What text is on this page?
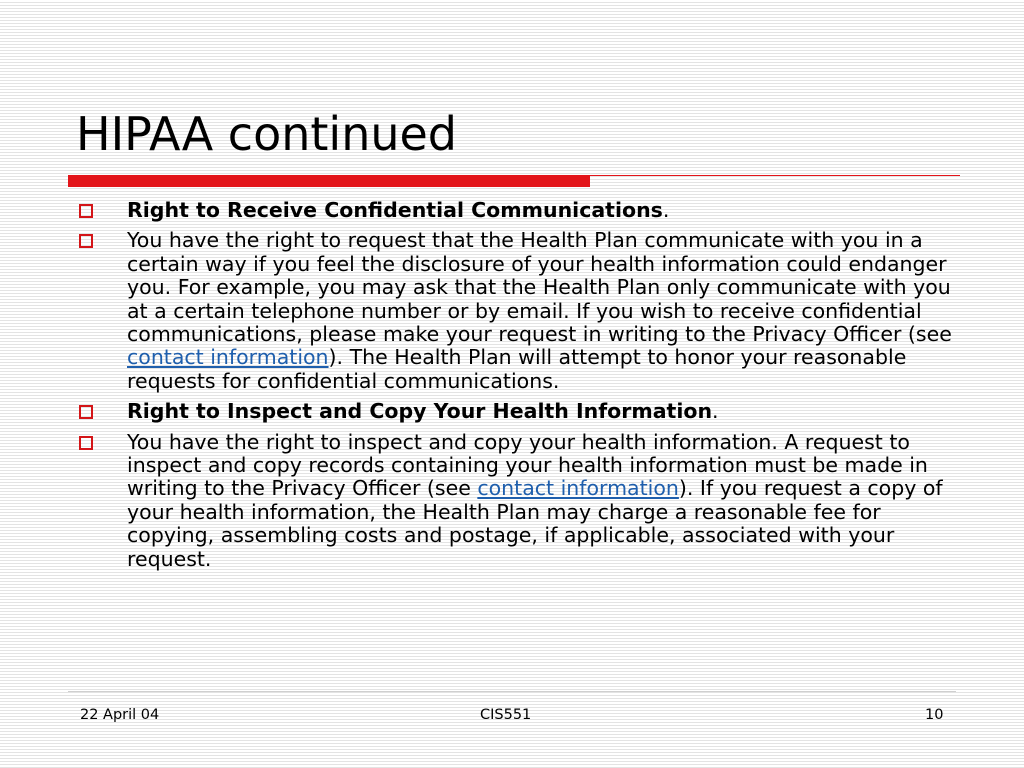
HIPAA continued
Right to Receive Confidential Communications.
You have the right to request that the Health Plan communicate with you in a certain way if you feel the disclosure of your health information could endanger you. For example, you may ask that the Health Plan only communicate with you at a certain telephone number or by email. If you wish to receive confidential communications, please make your request in writing to the Privacy Officer (see contact information). The Health Plan will attempt to honor your reasonable requests for confidential communications.
Right to Inspect and Copy Your Health Information.
You have the right to inspect and copy your health information. A request to inspect and copy records containing your health information must be made in writing to the Privacy Officer (see contact information). If you request a copy of your health information, the Health Plan may charge a reasonable fee for copying, assembling costs and postage, if applicable, associated with your request.
22 April 04	CIS551	10
